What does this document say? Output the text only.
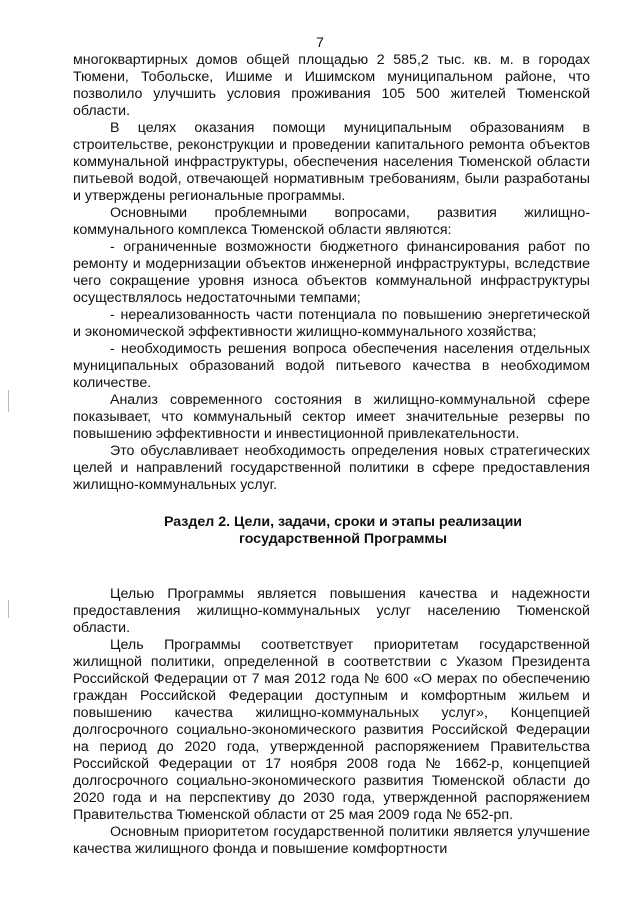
7

многоквартирных домов общей площадью 2 585,2 тыс. кв. м. в городах Тюмени, Тобольске, Ишиме и Ишимском муниципальном районе, что позволило улучшить условия проживания 105 500 жителей Тюменской области.

В целях оказания помощи муниципальным образованиям в строительстве, реконструкции и проведении капитального ремонта объектов коммунальной инфраструктуры, обеспечения населения Тюменской области питьевой водой, отвечающей нормативным требованиям, были разработаны и утверждены региональные программы.

Основными проблемными вопросами, развития жилищно-коммунального комплекса Тюменской области являются:

- ограниченные возможности бюджетного финансирования работ по ремонту и модернизации объектов инженерной инфраструктуры, вследствие чего сокращение уровня износа объектов коммунальной инфраструктуры осуществлялось недостаточными темпами;

- нереализованность части потенциала по повышению энергетической и экономической эффективности жилищно-коммунального хозяйства;

- необходимость решения вопроса обеспечения населения отдельных муниципальных образований водой питьевого качества в необходимом количестве.

Анализ современного состояния в жилищно-коммунальной сфере показывает, что коммунальный сектор имеет значительные резервы по повышению эффективности и инвестиционной привлекательности.

Это обуславливает необходимость определения новых стратегических целей и направлений государственной политики в сфере предоставления жилищно-коммунальных услуг.

Раздел 2. Цели, задачи, сроки и этапы реализации
государственной Программы

Целью Программы является повышения качества и надежности предоставления жилищно-коммунальных услуг населению Тюменской области.

Цель Программы соответствует приоритетам государственной жилищной политики, определенной в соответствии с Указом Президента Российской Федерации от 7 мая 2012 года № 600 «О мерах по обеспечению граждан Российской Федерации доступным и комфортным жильем и повышению качества жилищно-коммунальных услуг», Концепцией долгосрочного социально-экономического развития Российской Федерации на период до 2020 года, утвержденной распоряжением Правительства Российской Федерации от 17 ноября 2008 года № 1662-р, концепцией долгосрочного социально-экономического развития Тюменской области до 2020 года и на перспективу до 2030 года, утвержденной распоряжением Правительства Тюменской области от 25 мая 2009 года № 652-рп.

Основным приоритетом государственной политики является улучшение качества жилищного фонда и повышение комфортности
